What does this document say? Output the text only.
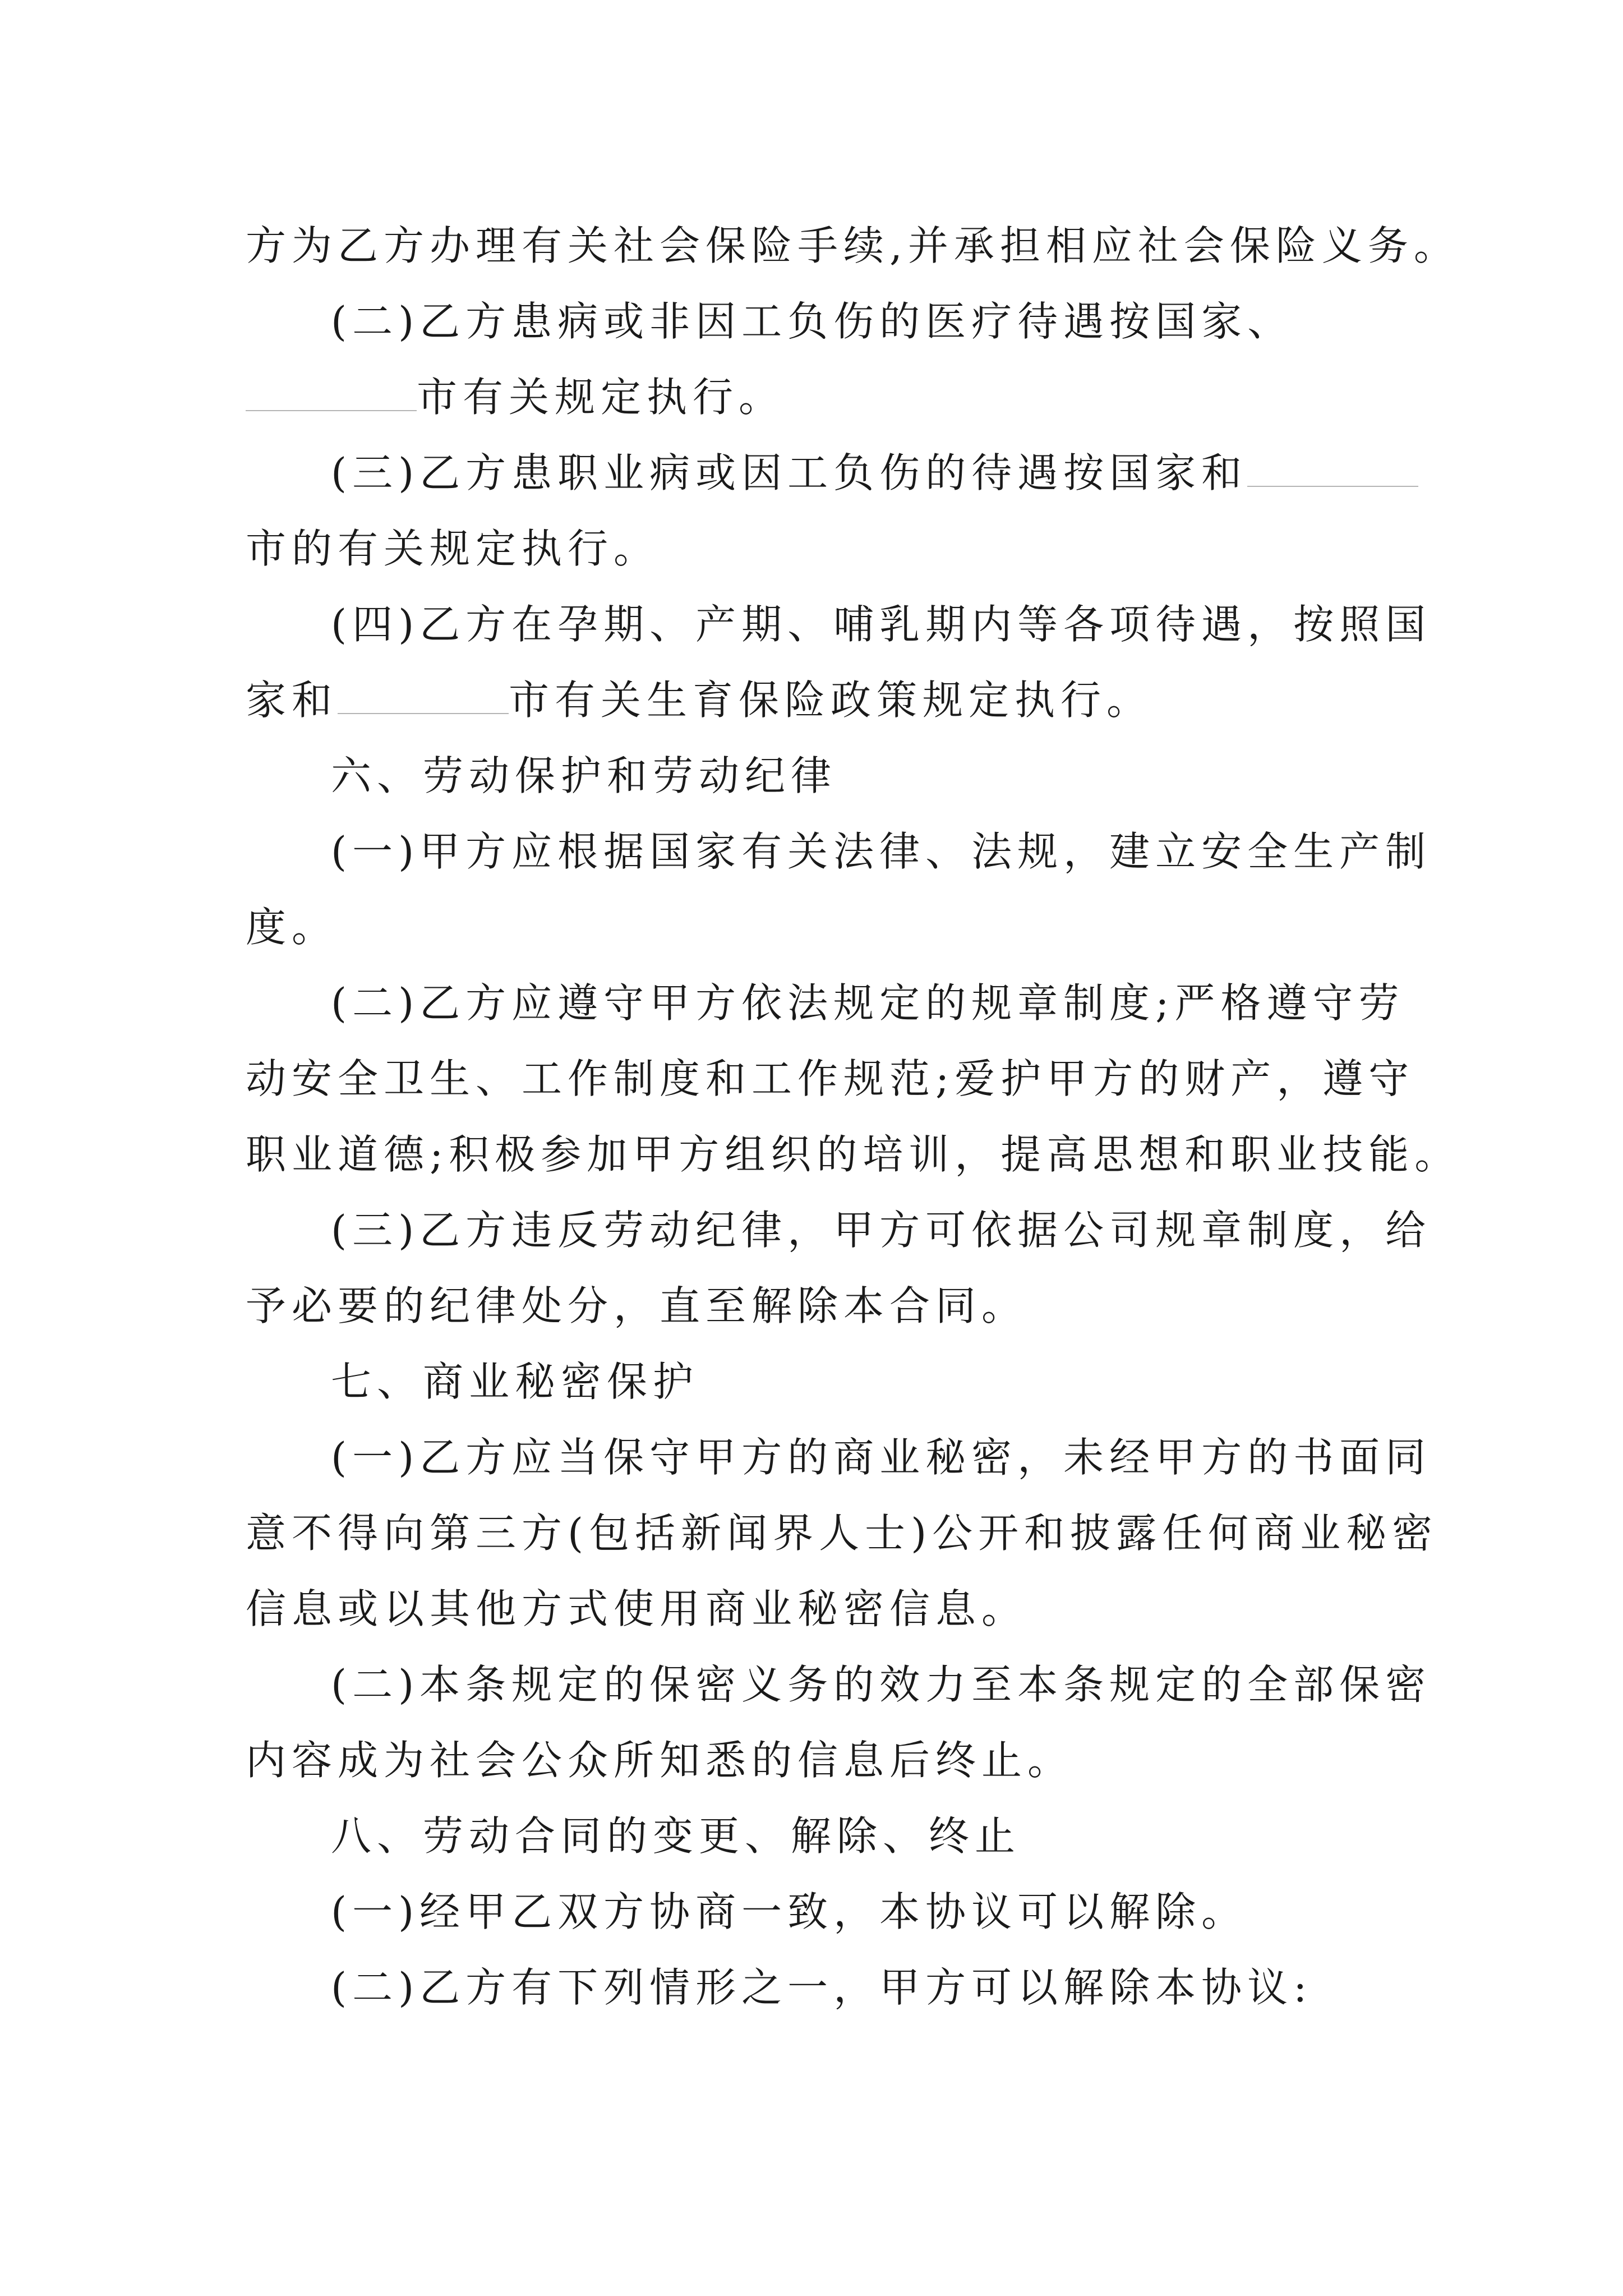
方为乙方办理有关社会保险手续,并承担相应社会保险义务。
(二)乙方患病或非因工负伤的医疗待遇按国家、
市有关规定执行。
(三)乙方患职业病或因工负伤的待遇按国家和
市的有关规定执行。
(四)乙方在孕期、产期、哺乳期内等各项待遇，按照国
家和	市有关生育保险政策规定执行。
六、劳动保护和劳动纪律
(一)甲方应根据国家有关法律、法规，建立安全生产制
度。
(二)乙方应遵守甲方依法规定的规章制度;严格遵守劳
动安全卫生、工作制度和工作规范;爱护甲方的财产，遵守
职业道德;积极参加甲方组织的培训，提高思想和职业技能。
(三)乙方违反劳动纪律，甲方可依据公司规章制度，给
予必要的纪律处分，直至解除本合同。
七、商业秘密保护
(一)乙方应当保守甲方的商业秘密，未经甲方的书面同
意不得向第三方(包括新闻界人士)公开和披露任何商业秘密
信息或以其他方式使用商业秘密信息。
(二)本条规定的保密义务的效力至本条规定的全部保密
内容成为社会公众所知悉的信息后终止。
八、劳动合同的变更、解除、终止
(一)经甲乙双方协商一致，本协议可以解除。
(二)乙方有下列情形之一，甲方可以解除本协议:
